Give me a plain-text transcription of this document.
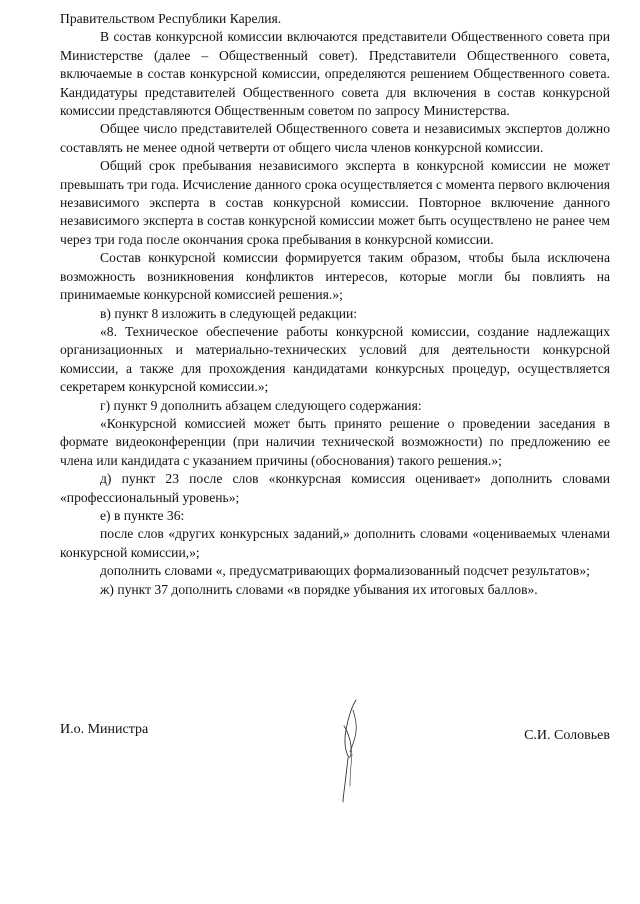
Правительством Республики Карелия.

В состав конкурсной комиссии включаются представители Общественного совета при Министерстве (далее – Общественный совет). Представители Общественного совета, включаемые в состав конкурсной комиссии, определяются решением Общественного совета. Кандидатуры представителей Общественного совета для включения в состав конкурсной комиссии представляются Общественным советом по запросу Министерства.

Общее число представителей Общественного совета и независимых экспертов должно составлять не менее одной четверти от общего числа членов конкурсной комиссии.

Общий срок пребывания независимого эксперта в конкурсной комиссии не может превышать три года. Исчисление данного срока осуществляется с момента первого включения независимого эксперта в состав конкурсной комиссии. Повторное включение данного независимого эксперта в состав конкурсной комиссии может быть осуществлено не ранее чем через три года после окончания срока пребывания в конкурсной комиссии.

Состав конкурсной комиссии формируется таким образом, чтобы была исключена возможность возникновения конфликтов интересов, которые могли бы повлиять на принимаемые конкурсной комиссией решения.»;

в) пункт 8 изложить в следующей редакции:

«8. Техническое обеспечение работы конкурсной комиссии, создание надлежащих организационных и материально-технических условий для деятельности конкурсной комиссии, а также для прохождения кандидатами конкурсных процедур, осуществляется секретарем конкурсной комиссии.»;

г) пункт 9 дополнить абзацем следующего содержания:

«Конкурсной комиссией может быть принято решение о проведении заседания в формате видеоконференции (при наличии технической возможности) по предложению ее члена или кандидата с указанием причины (обоснования) такого решения.»;

д) пункт 23 после слов «конкурсная комиссия оценивает» дополнить словами «профессиональный уровень»;

е) в пункте 36:

после слов «других конкурсных заданий,» дополнить словами «оцениваемых членами конкурсной комиссии,»;

дополнить словами «, предусматривающих формализованный подсчет результатов»;

ж) пункт 37 дополнить словами «в порядке убывания их итоговых баллов».

И.о. Министра	С.И. Соловьев
